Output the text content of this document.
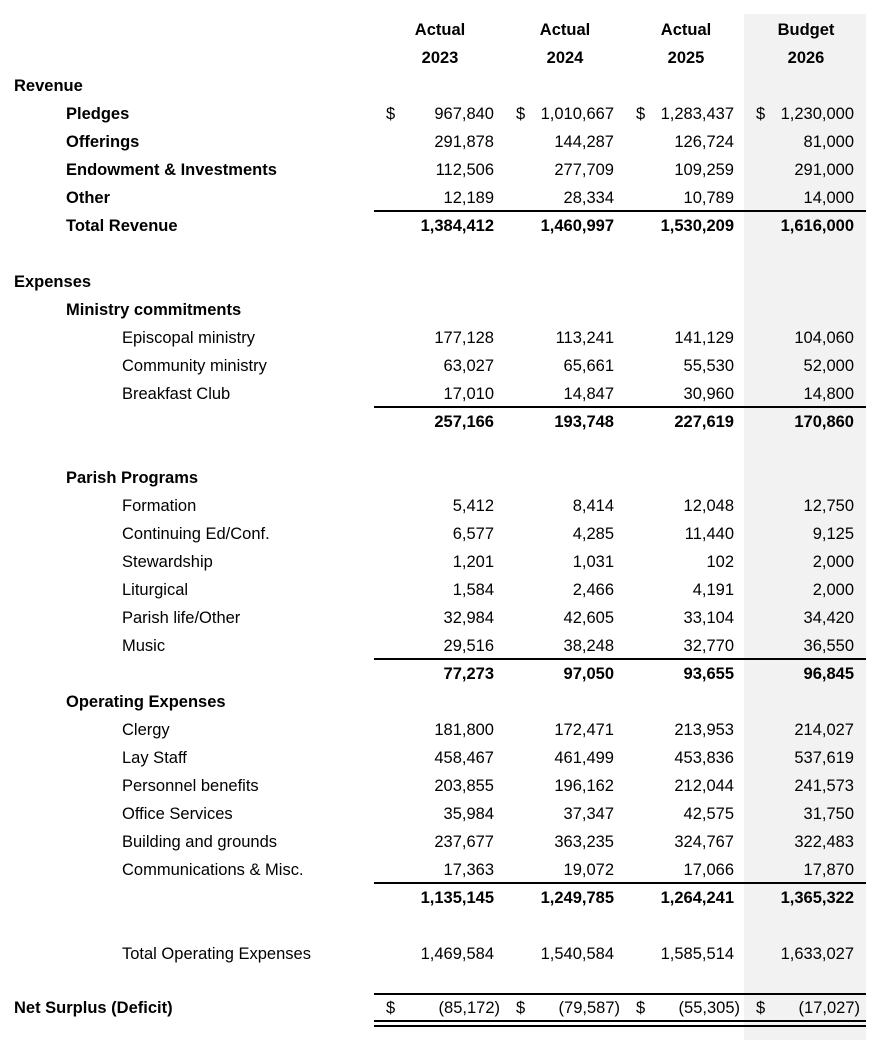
Actual	Actual	Actual	Budget
2023	2024	2025	2026
Revenue
Pledges	$ 967,840 $ 1,010,667 $ 1,283,437 $ 1,230,000
Offerings	291,878	144,287	126,724	81,000
Endowment & Investments	112,506	277,709	109,259	291,000
Other	12,189	28,334	10,789	14,000
Total Revenue	1,384,412	1,460,997	1,530,209	1,616,000
Expenses
Ministry commitments
Episcopal ministry	177,128	113,241	141,129	104,060
Community ministry	63,027	65,661	55,530	52,000
Breakfast Club	17,010	14,847	30,960	14,800
257,166	193,748	227,619	170,860
Parish Programs
Formation	5,412	8,414	12,048	12,750
Continuing Ed/Conf.	6,577	4,285	11,440	9,125
Stewardship	1,201	1,031	102	2,000
Liturgical	1,584	2,466	4,191	2,000
Parish life/Other	32,984	42,605	33,104	34,420
Music	29,516	38,248	32,770	36,550
77,273	97,050	93,655	96,845
Operating Expenses
Clergy	181,800	172,471	213,953	214,027
Lay Staff	458,467	461,499	453,836	537,619
Personnel benefits	203,855	196,162	212,044	241,573
Office Services	35,984	37,347	42,575	31,750
Building and grounds	237,677	363,235	324,767	322,483
Communications & Misc.	17,363	19,072	17,066	17,870
1,135,145	1,249,785	1,264,241	1,365,322
Total Operating Expenses	1,469,584	1,540,584	1,585,514	1,633,027
Net Surplus (Deficit)	$	(85,172) $ (79,587) $ (55,305) $ (17,027)
